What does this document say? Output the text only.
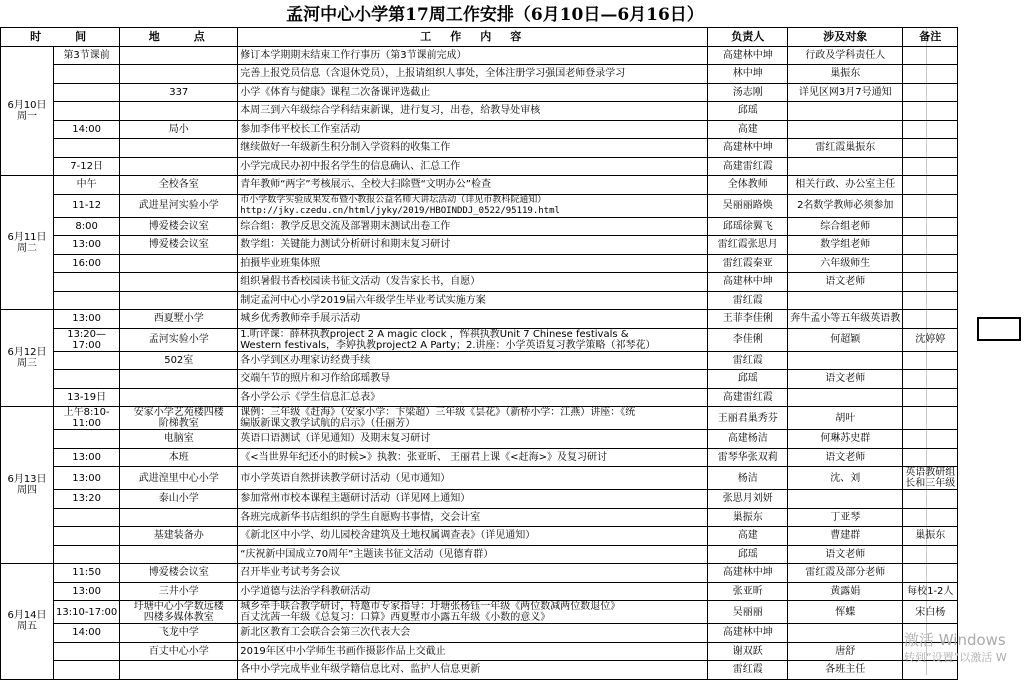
孟河中心小学第17周工作安排（6月10日—6月16日）
时　　间		地　　点	工　作　内　容	负责人	涉及对象	备注
6月10日
周一	第3节课前		修订本学期期末结束工作行事历（第3节课前完成）	高建林中坤	行政及学科责任人	
			完善上报党员信息（含退休党员），上报请组织人事处，全体注册学习强国老师登录学习	林中坤	巢振东	
		337	小学《体育与健康》课程二次备课评选截止	汤志刚	详见区网3月7号通知	
			本周三到六年级综合学科结束新课，进行复习，出卷，给教导处审核	邱瑶		
	14:00	局小	参加李伟平校长工作室活动	高建		
			继续做好一年级新生积分制入学资料的收集工作	高建林中坤	雷红霞巢振东	
	7-12日		小学完成民办初中报名学生的信息确认、汇总工作	高建雷红霞		
6月11日
周二	中午	全校各室	青年教师“两字”考核展示、全校大扫除暨“文明办公”检查	全体教师	相关行政、办公室主任	
	11-12	武进星河实验小学	市小学数学实验成果发布暨小教报公益名师大讲坛活动（详见市教科院通知）
http://jky.czedu.cn/html/jyky/2019/HBOINDDJ_0522/95119.html	吴丽丽路焕	2名数学教师必须参加	
	8:00	博爱楼会议室	综合组：教学反思交流及部署期末测试出卷工作	邱瑶徐翼飞	综合组老师	
	13:00	博爱楼会议室	数学组：关键能力测试分析研讨和期末复习研讨	雷红霞张思月	数学组老师	
	16:00		拍摄毕业班集体照	雷红霞秦亚	六年级师生	
			组织暑假书香校园读书征文活动（发告家长书，自愿）	高建林中坤	语文老师	
			制定孟河中心小学2019届六年级学生毕业考试实施方案	雷红霞		
6月12日
周三	13:00	西夏墅小学	城乡优秀教师牵手展示活动	王菲李佳俐	奔牛孟小等五年级英语教	
	13:20—
17:00	孟河实验小学	1.听评课：薛林执教project 2 A magic clock ，恽祺执教Unit 7 Chinese festivals &
Western festivals，李婷执教project2 A Party；2.讲座：小学英语复习教学策略（祁琴花）	李佳俐	何超颖	沈婷婷
		502室	各小学到区办理家访经费手续	雷红霞		
			交端午节的照片和习作给邱瑶教导	邱瑶	语文老师	
	13-19日		各小学公示《学生信息汇总表》	高建雷红霞		
6月13日
周四	上午8:10-
11:00	安家小学艺苑楼四楼
阶梯教室	课例：三年级《赶海》（安家小学：卞梁超）三年级《昙花》（新桥小学：江燕）讲座：《统
编版新课文教学试航的启示》（任丽芳）	王丽君巢秀芬	胡叶	
		电脑室	英语口语测试（详见通知）及期末复习研讨	高建杨洁	何琳苏史群	
	13:00	本班	《<当世界年纪还小的时候>》执教：张亚昕、 王丽君上课《<赶海>》及复习研讨	雷琴华张双莉	语文老师	
	13:00	武进湟里中心小学	市小学英语自然拼读教学研讨活动（见市通知）	杨洁	沈、刘	英语教研组
长和三年级
	13:20	泰山小学	参加常州市校本课程主题研讨活动（详见网上通知）	张思月刘妍		
			各班完成新华书店组织的学生自愿购书事情，交会计室	巢振东	丁亚琴	
		基建装备办	《新北区中小学、幼儿园校舍建筑及土地权属调查表》（详见通知）	高建	曹建群	巢振东
			“庆祝新中国成立70周年”主题读书征文活动（见德育群）	邱瑶	语文老师	
6月14日
周五	11:50	博爱楼会议室	召开毕业考试考务会议	高建林中坤	雷红霞及部分老师	
	13:00	三井小学	小学道德与法治学科教研活动	张亚昕	黄露娟	每校1-2人
	13:10-17:00	圩塘中心小学数远楼
四楼多媒体教室	城乡牵手联合教学研讨，特邀市专家指导：圩塘张杨钰一年级《两位数减两位数退位》
百丈沈茜一年级《总复习：口算》西夏墅市小露五年级《小数的意义》	吴丽丽	恽蝶	宋白杨
	14:00	飞龙中学	新北区教育工会联合会第三次代表大会	高建林中坤		
		百丈中心小学	2019年区中小学师生书画作摄影作品上交截止	谢双跃	唐舒	
			各中小学完成毕业年级学籍信息比对、监护人信息更新	雷红霞	各班主任	
激活 Windows
转到“设置”以激活 W
